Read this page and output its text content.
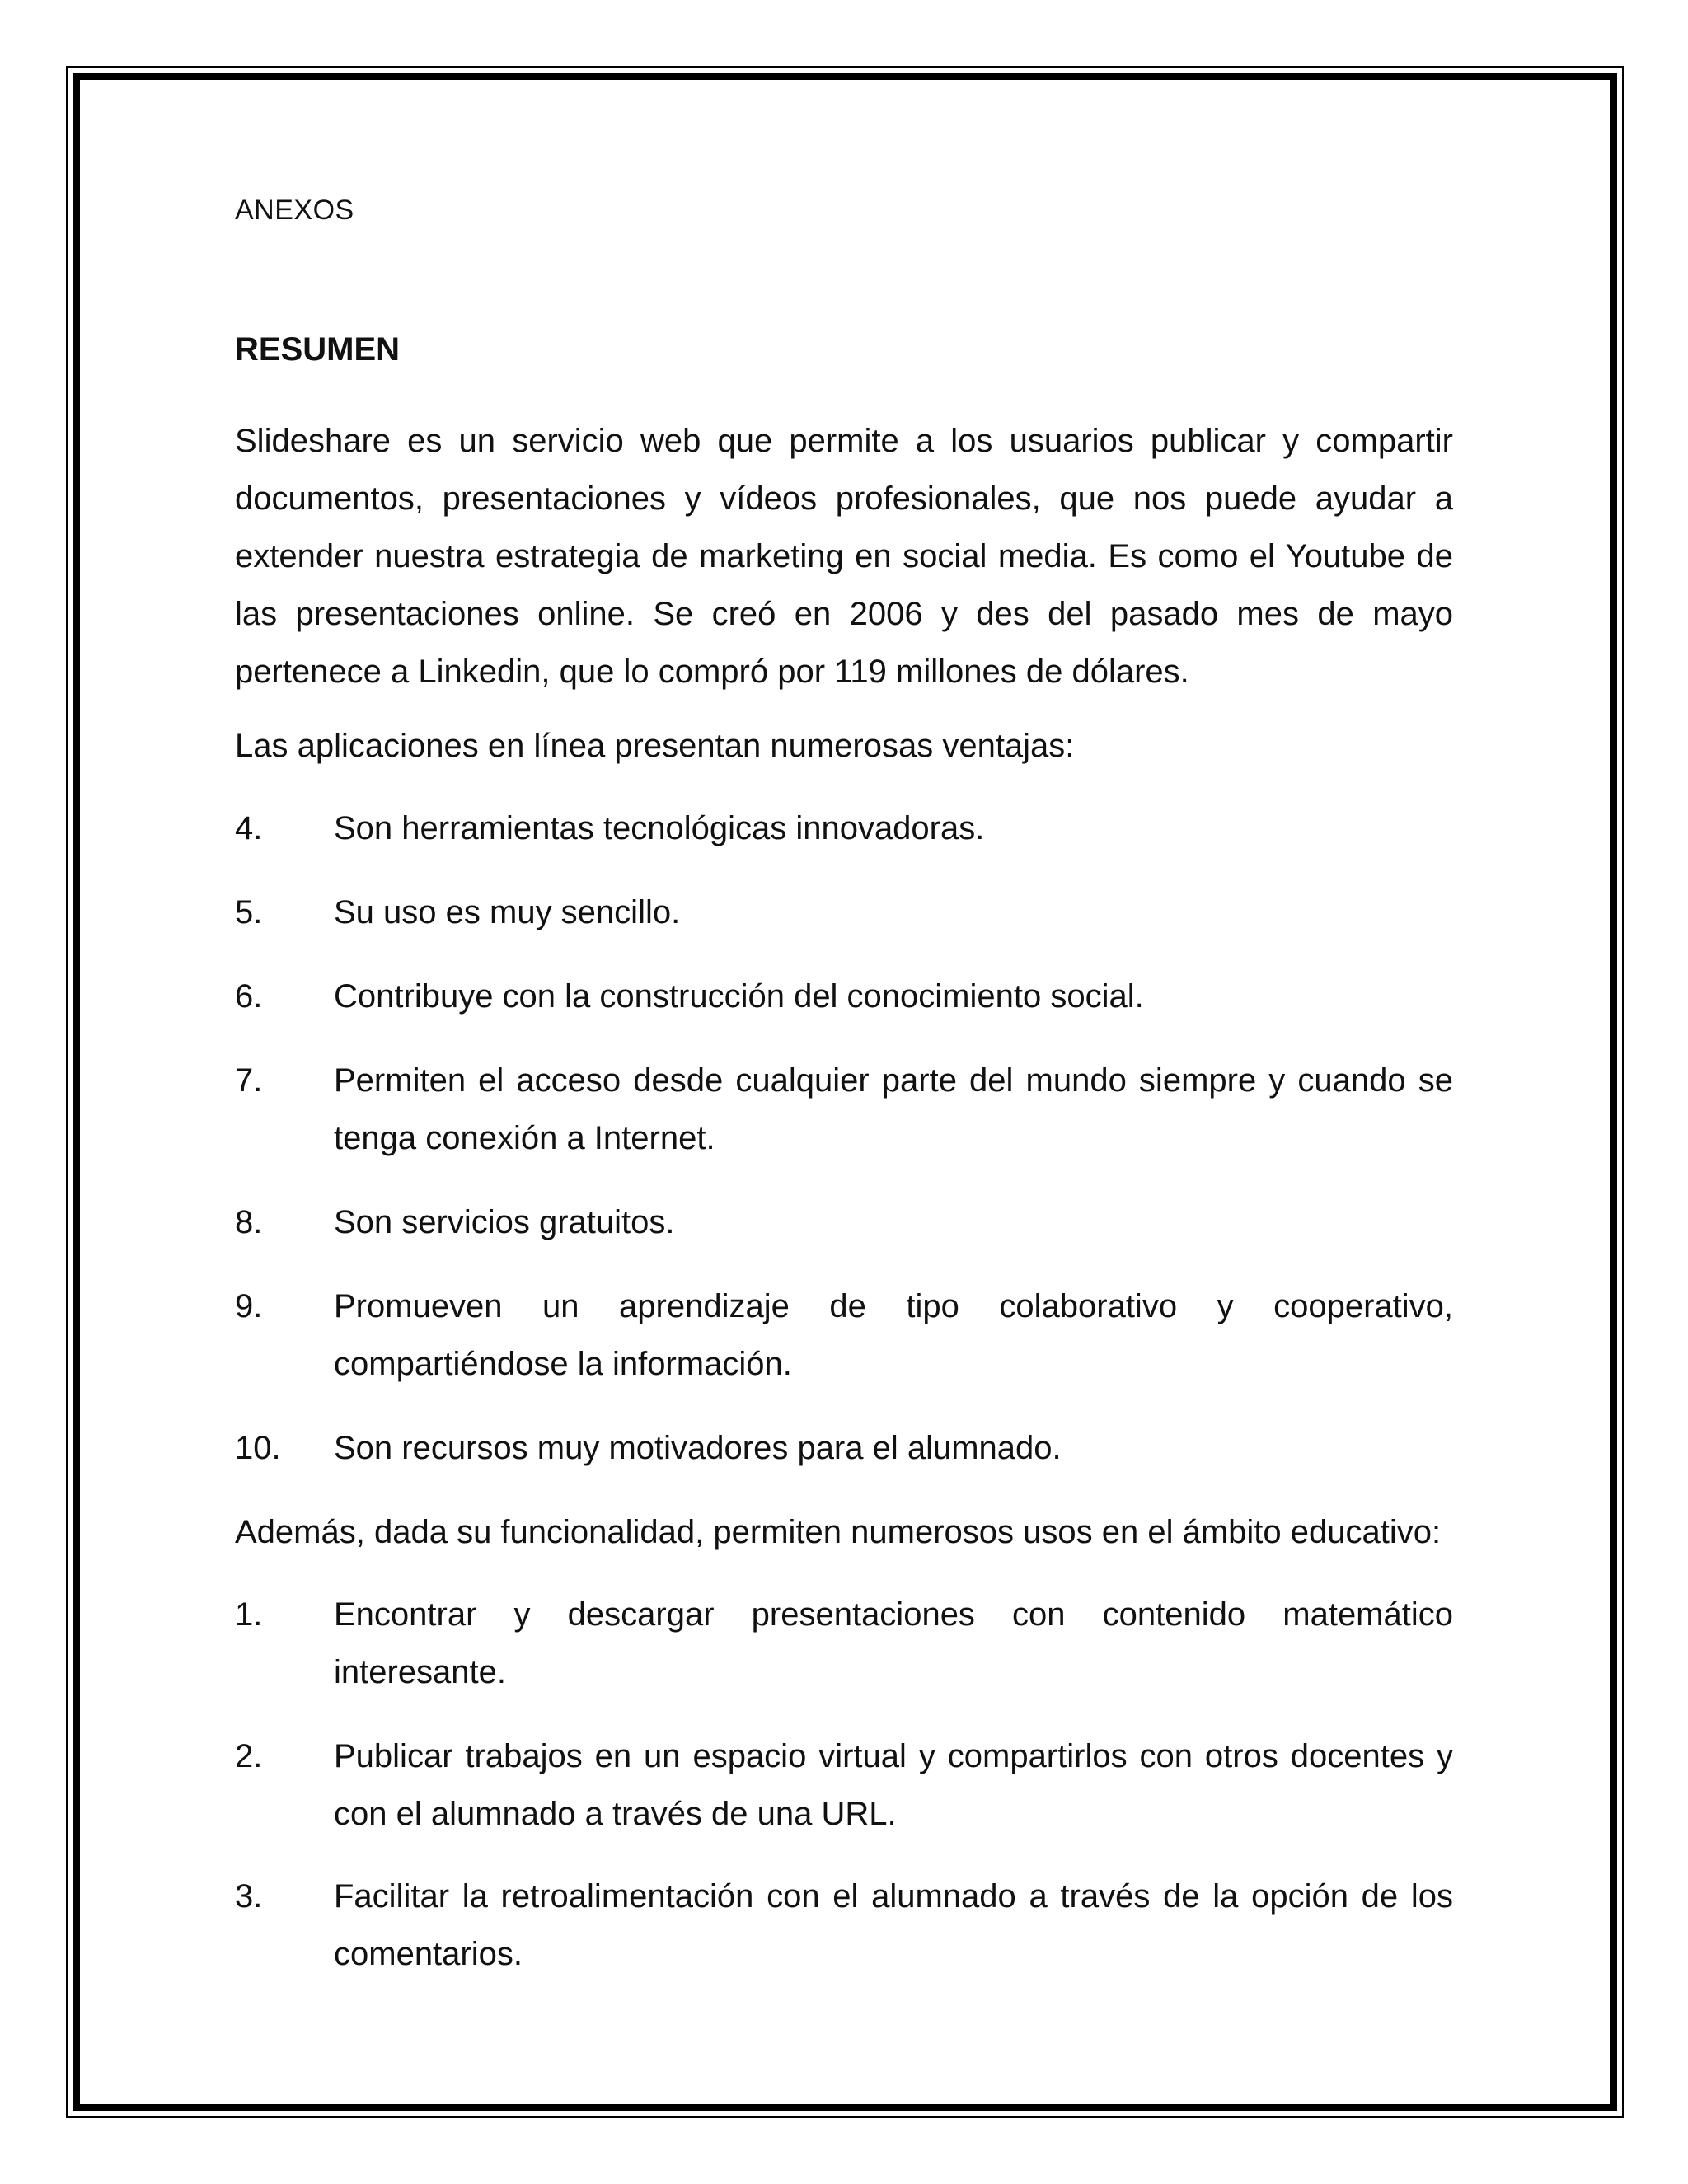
ANEXOS
RESUMEN

Slideshare es un servicio web que permite a los usuarios publicar y compartir documentos, presentaciones y vídeos profesionales, que nos puede ayudar a extender nuestra estrategia de marketing en social media. Es como el Youtube de las presentaciones online. Se creó en 2006 y des del pasado mes de mayo pertenece a Linkedin, que lo compró por 119 millones de dólares.

Las aplicaciones en línea presentan numerosas ventajas:

4.	Son herramientas tecnológicas innovadoras.
5.	Su uso es muy sencillo.
6.	Contribuye con la construcción del conocimiento social.
7.	Permiten el acceso desde cualquier parte del mundo siempre y cuando se tenga conexión a Internet.
8.	Son servicios gratuitos.
9.	Promueven un aprendizaje de tipo colaborativo y cooperativo, compartiéndose la información.
10.	Son recursos muy motivadores para el alumnado.

Además, dada su funcionalidad, permiten numerosos usos en el ámbito educativo:

1.	Encontrar y descargar presentaciones con contenido matemático interesante.
2.	Publicar trabajos en un espacio virtual y compartirlos con otros docentes y con el alumnado a través de una URL.
3.	Facilitar la retroalimentación con el alumnado a través de la opción de los comentarios.
